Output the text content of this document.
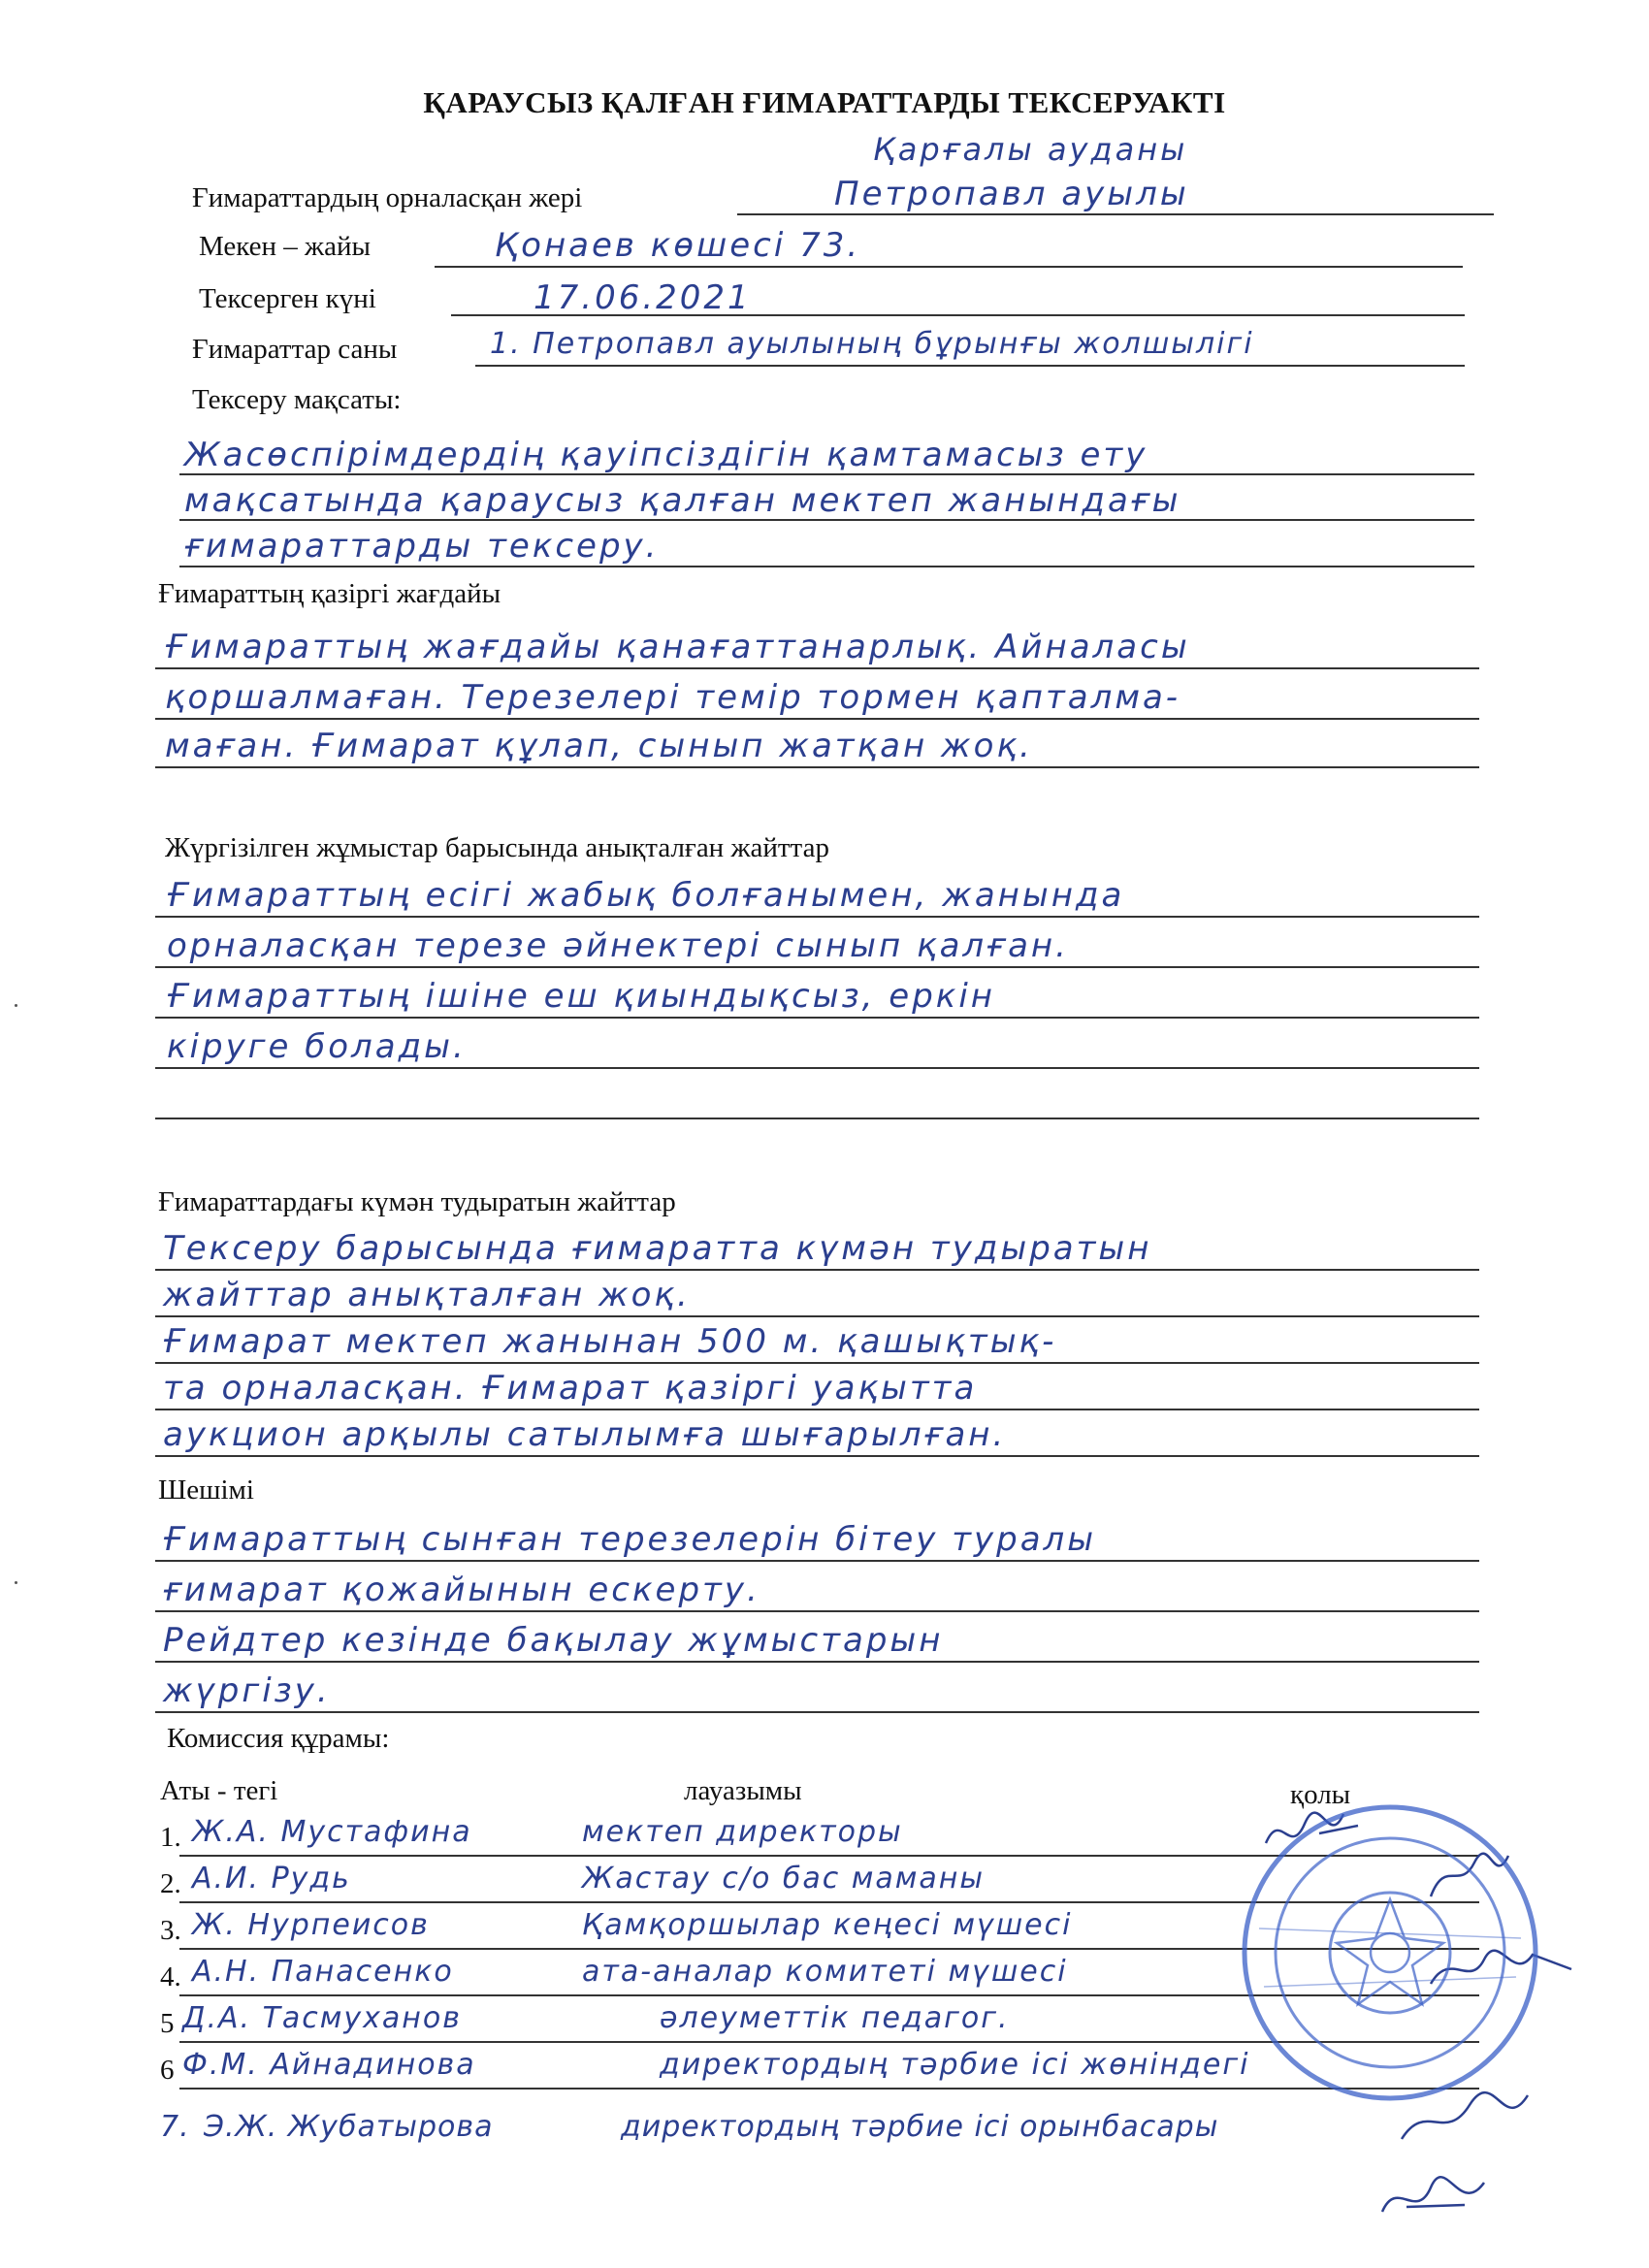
ҚАРАУСЫЗ ҚАЛҒАН ҒИМАРАТТАРДЫ ТЕКСЕРУАКТІ
Қарғалы ауданы
Ғимараттардың орналасқан жері	Петропавл ауылы
Мекен – жайы	Қонаев көшесі 73.
Тексерген күні	17.06.2021
Ғимараттар саны	1. Петропавл ауылының бұрынғы жолшылігі
Тексеру мақсаты:
Жасөспірімдердің қауіпсіздігін қамтамасыз ету
мақсатында қараусыз қалған мектеп жанындағы
ғимараттарды тексеру.
Ғимараттың қазіргі жағдайы
Ғимараттың жағдайы қанағаттанарлық. Айналасы
қоршалмаған. Терезелері темір тормен қапталма-
маған. Ғимарат құлап, сынып жатқан жоқ.
Жүргізілген жұмыстар барысында анықталған жайттар
Ғимараттың есігі жабық болғанымен, жанында
орналасқан терезе әйнектері сынып қалған.
Ғимараттың ішіне еш қиындықсыз, еркін
кіруге болады.
Ғимараттардағы күмән тудыратын жайттар
Тексеру барысында ғимаратта күмән тудыратын
жайттар анықталған жоқ.
Ғимарат мектеп жанынан 500 м. қашықтық-
та орналасқан. Ғимарат қазіргі уақытта
аукцион арқылы сатылымға шығарылған.
Шешімі
Ғимараттың сынған терезелерін бітеу туралы
ғимарат қожайынын ескерту.
Рейдтер кезінде бақылау жұмыстарын
жүргізу.
Комиссия құрамы:
Аты - тегі	лауазымы	қолы
1. Ж.А. Мустафина	мектеп директоры
2. А.И. Рудь	Жастау с/о бас маманы
3. Ж. Нурпеисов	Қамқоршылар кеңесі мүшесі
4. А.Н. Панасенко	ата-аналар комитеті мүшесі
5 Д.А. Тасмуханов	әлеуметтік педагог.
6 Ф.М. Айнадинова	директордың тәрбие ісі жөніндегі
7. Э.Ж. Жубатырова	директордың тәрбие ісі орынбасары
